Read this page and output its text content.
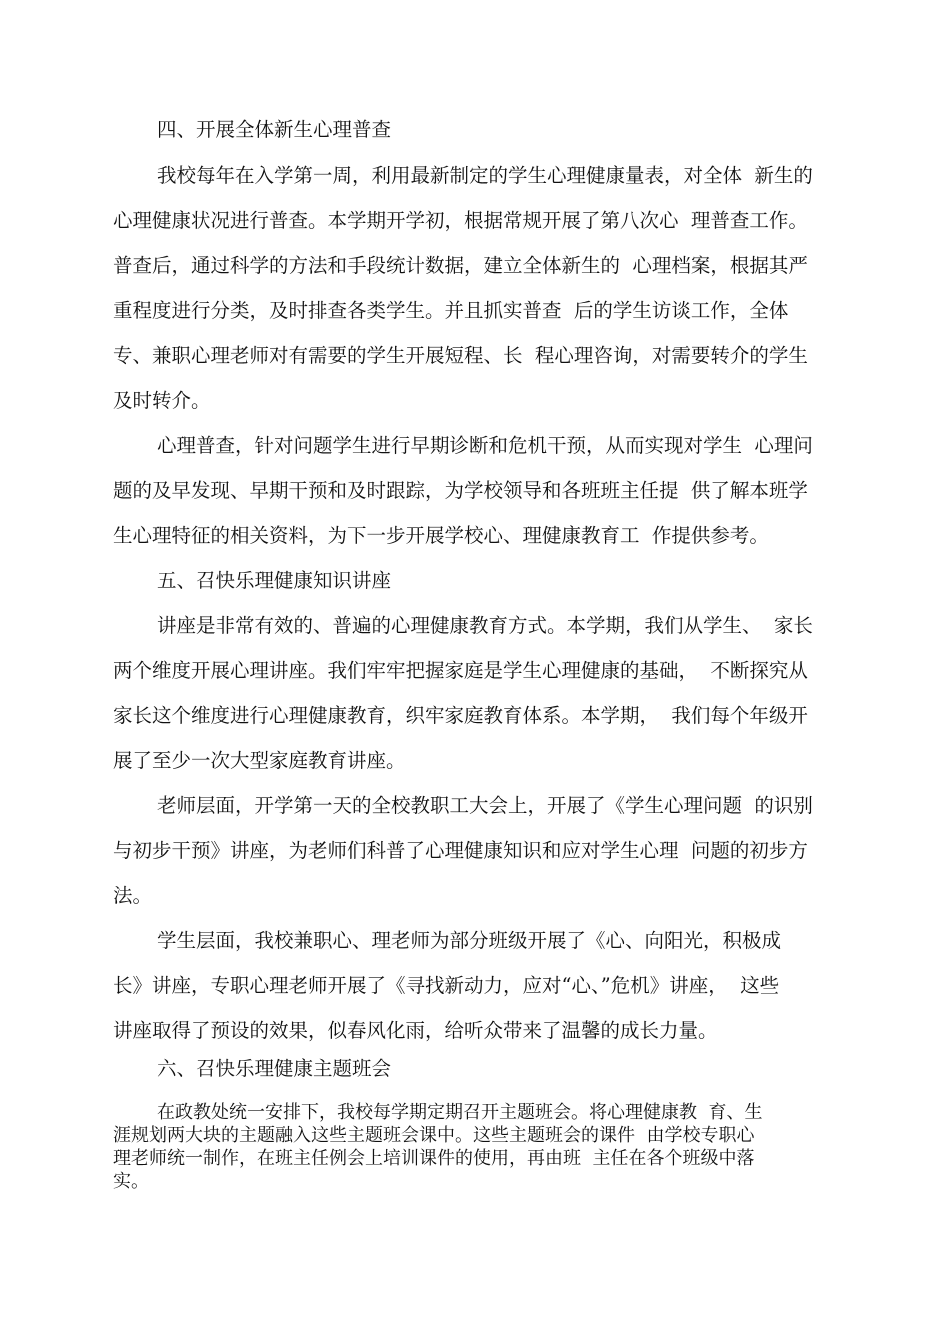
四、开展全体新生心理普查
我校每年在入学第一周，利用最新制定的学生心理健康量表，对全体  新生的
心理健康状况进行普查。本学期开学初，根据常规开展了第八次心  理普查工作。
普查后，通过科学的方法和手段统计数据，建立全体新生的  心理档案，根据其严
重程度进行分类，及时排查各类学生。并且抓实普查  后的学生访谈工作，全体
专、兼职心理老师对有需要的学生开展短程、长  程心理咨询，对需要转介的学生
及时转介。
心理普查，针对问题学生进行早期诊断和危机干预，从而实现对学生  心理问
题的及早发现、早期干预和及时跟踪，为学校领导和各班班主任提  供了解本班学
生心理特征的相关资料，为下一步开展学校心、理健康教育工  作提供参考。
五、召快乐理健康知识讲座
讲座是非常有效的、普遍的心理健康教育方式。本学期，我们从学生、  家长
两个维度开展心理讲座。我们牢牢把握家庭是学生心理健康的基础，  不断探究从
家长这个维度进行心理健康教育，织牢家庭教育体系。本学期，  我们每个年级开
展了至少一次大型家庭教育讲座。
老师层面，开学第一天的全校教职工大会上，开展了《学生心理问题  的识别
与初步干预》讲座，为老师们科普了心理健康知识和应对学生心理  问题的初步方
法。
学生层面，我校兼职心、理老师为部分班级开展了《心、向阳光，积极成
长》讲座，专职心理老师开展了《寻找新动力，应对“心、”危机》讲座，  这些
讲座取得了预设的效果，似春风化雨，给听众带来了温馨的成长力量。
六、召快乐理健康主题班会
在政教处统一安排下，我校每学期定期召开主题班会。将心理健康教  育、生
涯规划两大块的主题融入这些主题班会课中。这些主题班会的课件  由学校专职心
理老师统一制作，在班主任例会上培训课件的使用，再由班  主任在各个班级中落
实。
